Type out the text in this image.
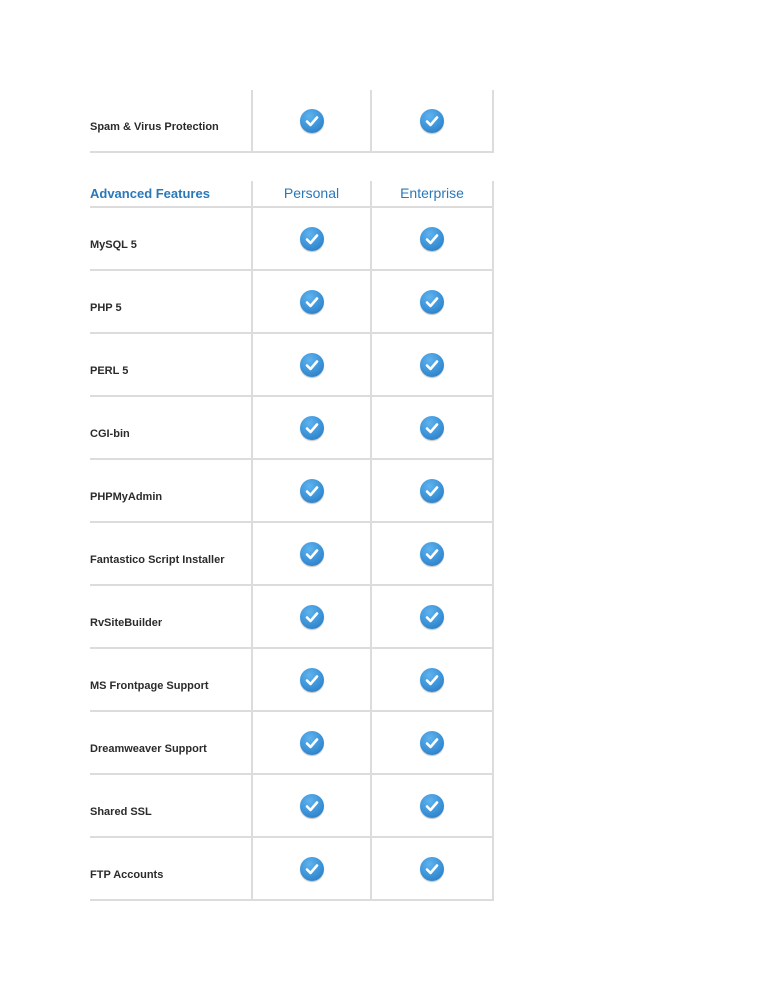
Spam & Virus Protection
Advanced Features	Personal	Enterprise
MySQL 5
PHP 5
PERL 5
CGI-bin
PHPMyAdmin
Fantastico Script Installer
RvSiteBuilder
MS Frontpage Support
Dreamweaver Support
Shared SSL
FTP Accounts
